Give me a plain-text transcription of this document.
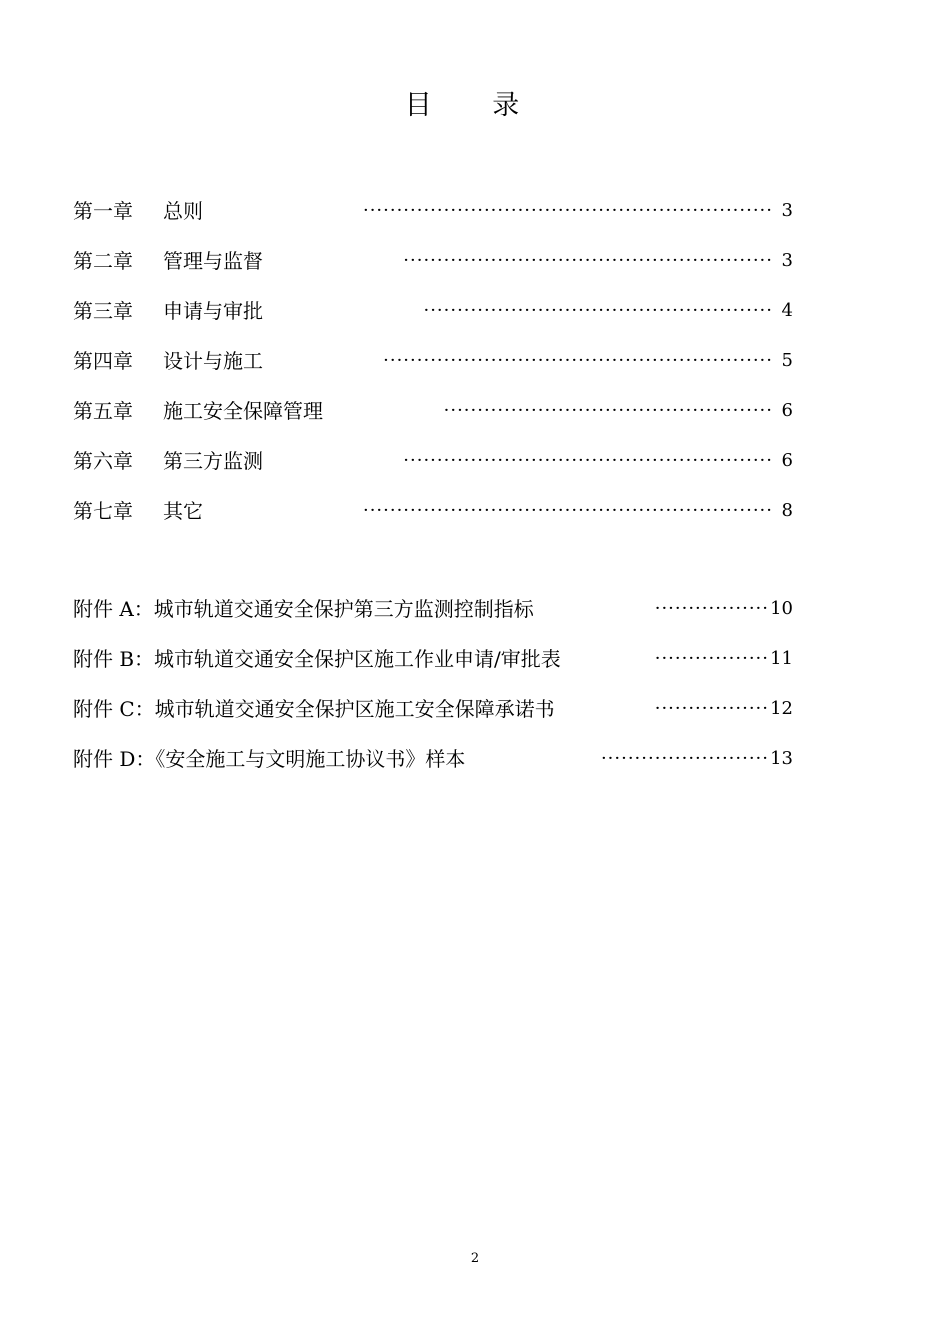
目 录
第一章 总则	····························································· 3
第二章 管理与监督	······················································· 3
第三章 申请与审批	···················································· 4
第四章 设计与施工	·························································· 5
第五章 施工安全保障管理	················································· 6
第六章 第三方监测	······················································· 6
第七章 其它	····························································· 8
附件 A：城市轨道交通安全保护第三方监测控制指标	················· 10
附件 B：城市轨道交通安全保护区施工作业申请/审批表	················· 11
附件 C：城市轨道交通安全保护区施工安全保障承诺书	················· 12
附件 D：《安全施工与文明施工协议书》样本	························· 13
2
